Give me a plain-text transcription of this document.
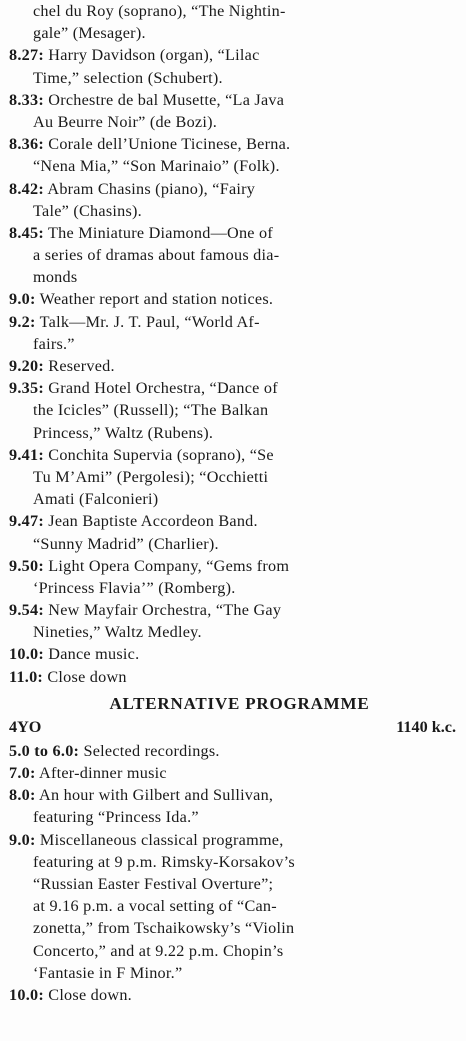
chel du Roy (soprano), “The Nightin-
gale” (Mesager).
8.27: Harry Davidson (organ), “Lilac
Time,” selection (Schubert).
8.33: Orchestre de bal Musette, “La Java
Au Beurre Noir” (de Bozi).
8.36: Corale dell’Unione Ticinese, Berna.
“Nena Mia,” “Son Marinaio” (Folk).
8.42: Abram Chasins (piano), “Fairy
Tale” (Chasins).
8.45: The Miniature Diamond—One of
a series of dramas about famous dia-
monds
9.0: Weather report and station notices.
9.2: Talk—Mr. J. T. Paul, “World Af-
fairs.”
9.20: Reserved.
9.35: Grand Hotel Orchestra, “Dance of
the Icicles” (Russell); “The Balkan
Princess,” Waltz (Rubens).
9.41: Conchita Supervia (soprano), “Se
Tu M’Ami” (Pergolesi); “Occhietti
Amati (Falconieri)
9.47: Jean Baptiste Accordeon Band.
“Sunny Madrid” (Charlier).
9.50: Light Opera Company, “Gems from
‘Princess Flavia’” (Romberg).
9.54: New Mayfair Orchestra, “The Gay
Nineties,” Waltz Medley.
10.0: Dance music.
11.0: Close down
ALTERNATIVE PROGRAMME
4YO	1140 k.c.
5.0 to 6.0: Selected recordings.
7.0: After-dinner music
8.0: An hour with Gilbert and Sullivan,
featuring “Princess Ida.”
9.0: Miscellaneous classical programme,
featuring at 9 p.m. Rimsky-Korsakov’s
“Russian Easter Festival Overture”;
at 9.16 p.m. a vocal setting of “Can-
zonetta,” from Tschaikowsky’s “Violin
Concerto,” and at 9.22 p.m. Chopin’s
‘Fantasie in F Minor.”
10.0: Close down.
